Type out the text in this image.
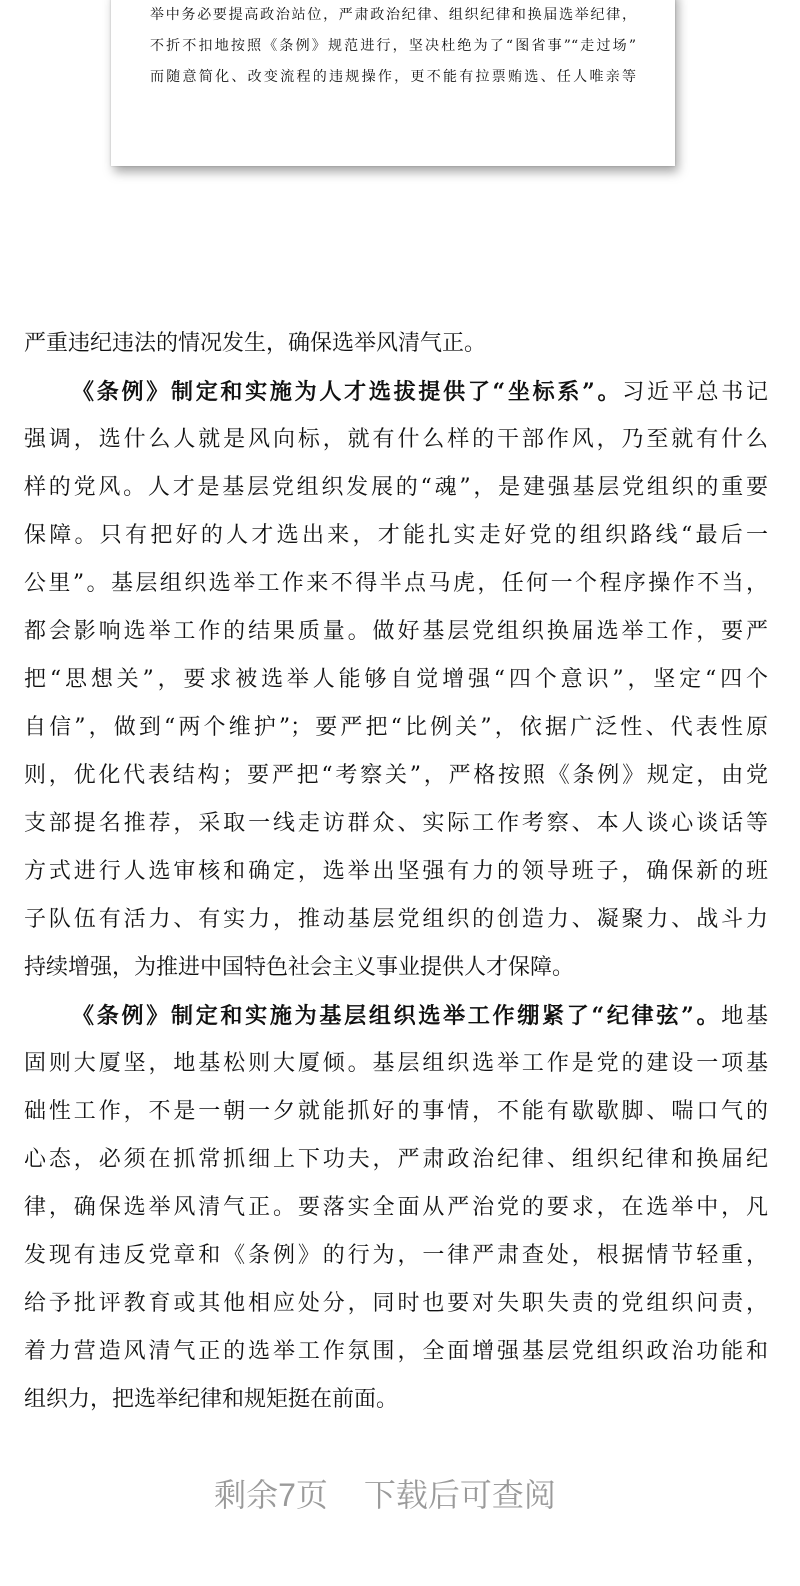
举中务必要提高政治站位，严肃政治纪律、组织纪律和换届选举纪律，
不折不扣地按照《条例》规范进行，坚决杜绝为了“图省事”“走过场”
而随意简化、改变流程的违规操作，更不能有拉票贿选、任人唯亲等
严重违纪违法的情况发生，确保选举风清气正。
《条例》制定和实施为人才选拔提供了“坐标系”。习近平总书记
强调，选什么人就是风向标，就有什么样的干部作风，乃至就有什么
样的党风。人才是基层党组织发展的“魂”，是建强基层党组织的重要
保障。只有把好的人才选出来，才能扎实走好党的组织路线“最后一
公里”。基层组织选举工作来不得半点马虎，任何一个程序操作不当，
都会影响选举工作的结果质量。做好基层党组织换届选举工作，要严
把“思想关”，要求被选举人能够自觉增强“四个意识”，坚定“四个
自信”，做到“两个维护”；要严把“比例关”，依据广泛性、代表性原
则，优化代表结构；要严把“考察关”，严格按照《条例》规定，由党
支部提名推荐，采取一线走访群众、实际工作考察、本人谈心谈话等
方式进行人选审核和确定，选举出坚强有力的领导班子，确保新的班
子队伍有活力、有实力，推动基层党组织的创造力、凝聚力、战斗力
持续增强，为推进中国特色社会主义事业提供人才保障。
《条例》制定和实施为基层组织选举工作绷紧了“纪律弦”。地基
固则大厦坚，地基松则大厦倾。基层组织选举工作是党的建设一项基
础性工作，不是一朝一夕就能抓好的事情，不能有歇歇脚、喘口气的
心态，必须在抓常抓细上下功夫，严肃政治纪律、组织纪律和换届纪
律，确保选举风清气正。要落实全面从严治党的要求，在选举中，凡
发现有违反党章和《条例》的行为，一律严肃查处，根据情节轻重，
给予批评教育或其他相应处分，同时也要对失职失责的党组织问责，
着力营造风清气正的选举工作氛围，全面增强基层党组织政治功能和
组织力，把选举纪律和规矩挺在前面。
剩余7页 下载后可查阅
